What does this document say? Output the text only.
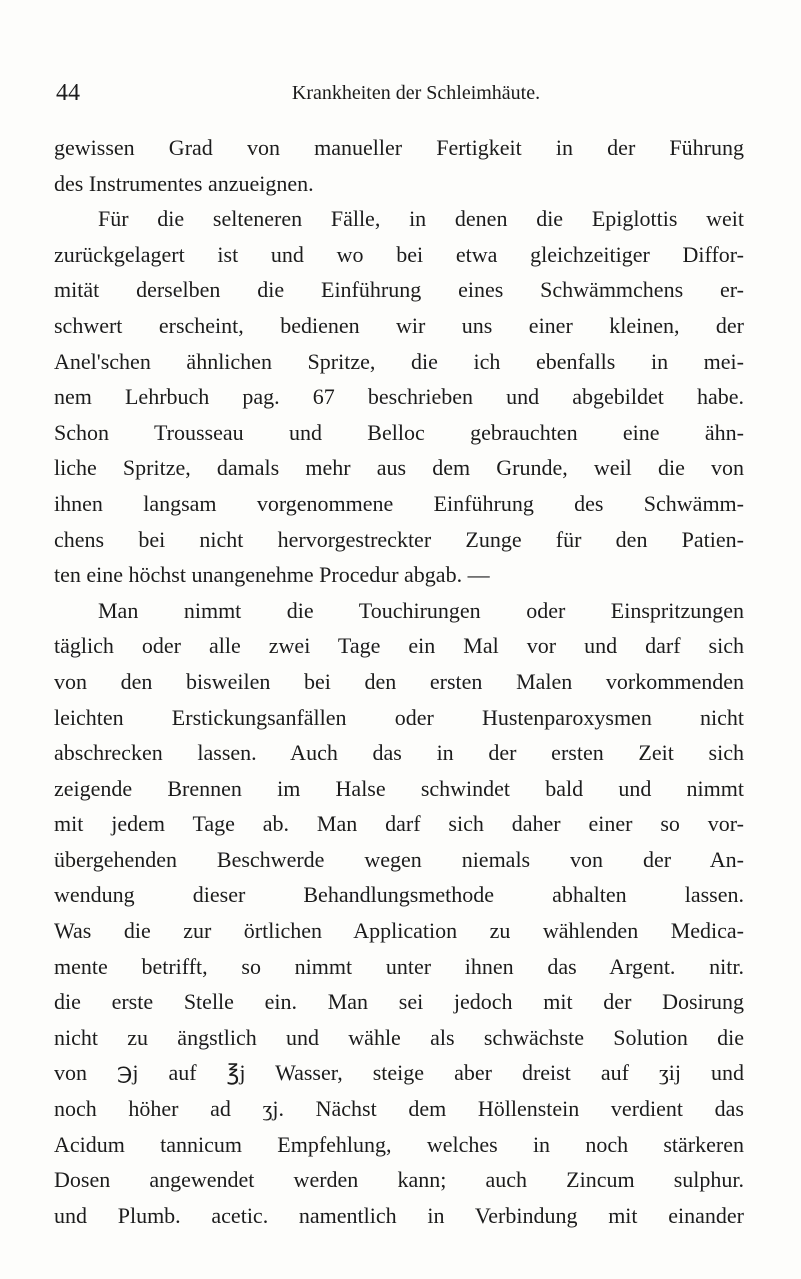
44	Krankheiten der Schleimhäute.
gewissen Grad von manueller Fertigkeit in der Führung
des Instrumentes anzueignen.
Für die selteneren Fälle, in denen die Epiglottis weit
zurückgelagert ist und wo bei etwa gleichzeitiger Diffor-
mität derselben die Einführung eines Schwämmchens er-
schwert erscheint, bedienen wir uns einer kleinen, der
Anel'schen ähnlichen Spritze, die ich ebenfalls in mei-
nem Lehrbuch pag. 67 beschrieben und abgebildet habe.
Schon Trousseau und Belloc gebrauchten eine ähn-
liche Spritze, damals mehr aus dem Grunde, weil die von
ihnen langsam vorgenommene Einführung des Schwämm-
chens bei nicht hervorgestreckter Zunge für den Patien-
ten eine höchst unangenehme Procedur abgab. —
Man nimmt die Touchirungen oder Einspritzungen
täglich oder alle zwei Tage ein Mal vor und darf sich
von den bisweilen bei den ersten Malen vorkommenden
leichten Erstickungsanfällen oder Hustenparoxysmen nicht
abschrecken lassen. Auch das in der ersten Zeit sich
zeigende Brennen im Halse schwindet bald und nimmt
mit jedem Tage ab. Man darf sich daher einer so vor-
übergehenden Beschwerde wegen niemals von der An-
wendung dieser Behandlungsmethode abhalten lassen.
Was die zur örtlichen Application zu wählenden Medica-
mente betrifft, so nimmt unter ihnen das Argent. nitr.
die erste Stelle ein. Man sei jedoch mit der Dosirung
nicht zu ängstlich und wähle als schwächste Solution die
von ℈j auf ℥j Wasser, steige aber dreist auf ʒij und
noch höher ad ʒj. Nächst dem Höllenstein verdient das
Acidum tannicum Empfehlung, welches in noch stärkeren
Dosen angewendet werden kann; auch Zincum sulphur.
und Plumb. acetic. namentlich in Verbindung mit einander
